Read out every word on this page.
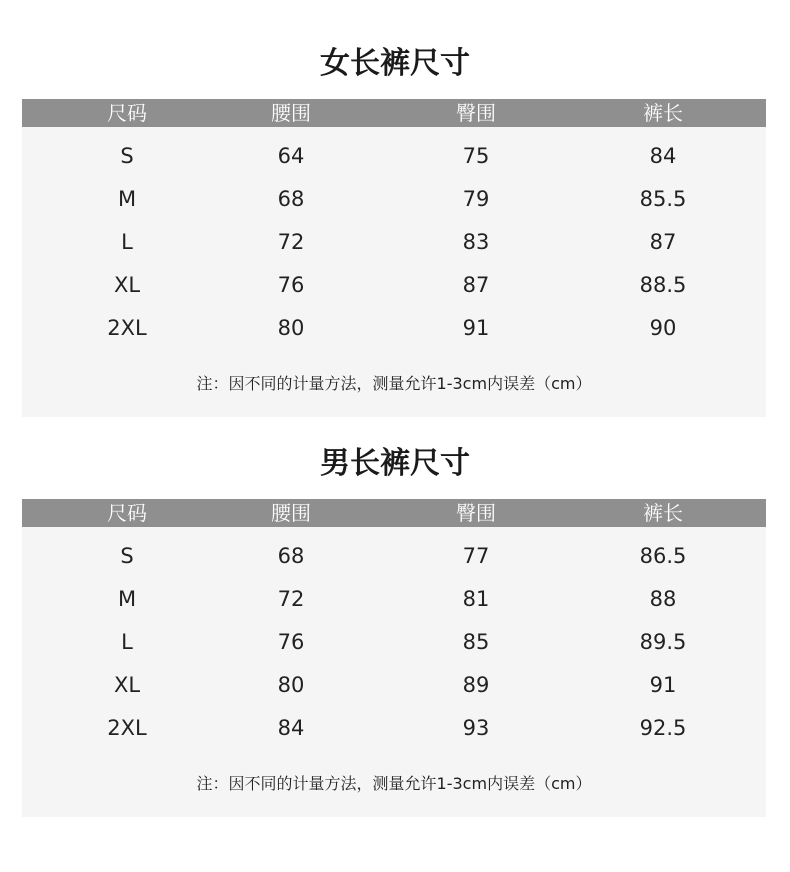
女长裤尺寸
尺码	腰围	臀围	裤长
S	64	75	84
M	68	79	85.5
L	72	83	87
XL	76	87	88.5
2XL	80	91	90
注：因不同的计量方法，测量允许1-3cm内误差（cm）
男长裤尺寸
尺码	腰围	臀围	裤长
S	68	77	86.5
M	72	81	88
L	76	85	89.5
XL	80	89	91
2XL	84	93	92.5
注：因不同的计量方法，测量允许1-3cm内误差（cm）
